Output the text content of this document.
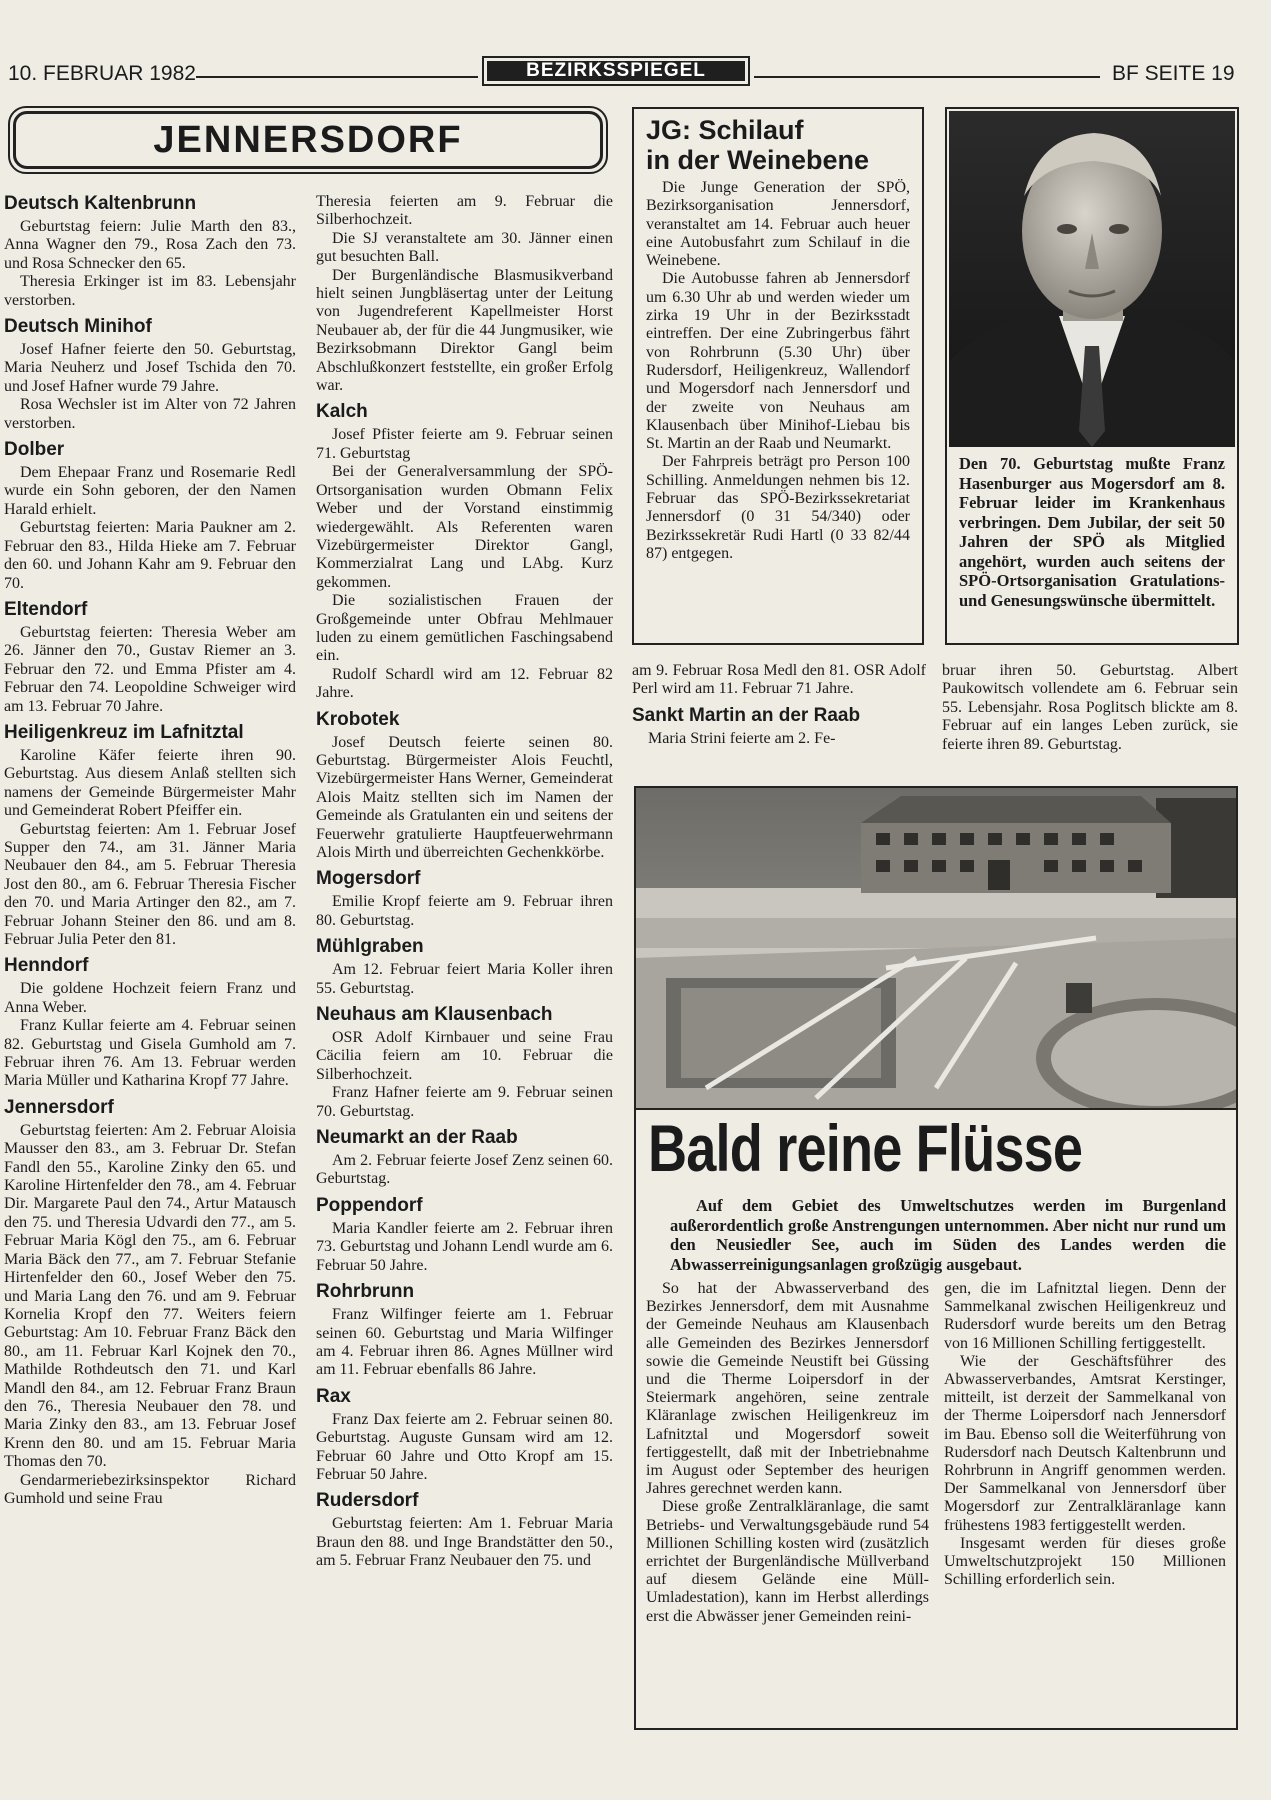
10. FEBRUAR 1982	BEZIRKSSPIEGEL	BF SEITE 19
JENNERSDORF
Deutsch Kaltenbrunn

Geburtstag feiern: Julie Marth den 83., Anna Wagner den 79., Rosa Zach den 73. und Rosa Schnecker den 65.

Theresia Erkinger ist im 83. Lebensjahr verstorben.

Deutsch Minihof

Josef Hafner feierte den 50. Geburtstag, Maria Neuherz und Josef Tschida den 70. und Josef Hafner wurde 79 Jahre.

Rosa Wechsler ist im Alter von 72 Jahren verstorben.

Dolber

Dem Ehepaar Franz und Rosemarie Redl wurde ein Sohn geboren, der den Namen Harald erhielt.

Geburtstag feierten: Maria Paukner am 2. Februar den 83., Hilda Hieke am 7. Februar den 60. und Johann Kahr am 9. Februar den 70.

Eltendorf

Geburtstag feierten: Theresia Weber am 26. Jänner den 70., Gustav Riemer an 3. Februar den 72. und Emma Pfister am 4. Februar den 74. Leopoldine Schweiger wird am 13. Februar 70 Jahre.

Heiligenkreuz im Lafnitztal

Karoline Käfer feierte ihren 90. Geburtstag. Aus diesem Anlaß stellten sich namens der Gemeinde Bürgermeister Mahr und Gemeinderat Robert Pfeiffer ein.

Geburtstag feierten: Am 1. Februar Josef Supper den 74., am 31. Jänner Maria Neubauer den 84., am 5. Februar Theresia Jost den 80., am 6. Februar Theresia Fischer den 70. und Maria Artinger den 82., am 7. Februar Johann Steiner den 86. und am 8. Februar Julia Peter den 81.

Henndorf

Die goldene Hochzeit feiern Franz und Anna Weber.

Franz Kullar feierte am 4. Februar seinen 82. Geburtstag und Gisela Gumhold am 7. Februar ihren 76. Am 13. Februar werden Maria Müller und Katharina Kropf 77 Jahre.

Jennersdorf

Geburtstag feierten: Am 2. Februar Aloisia Mausser den 83., am 3. Februar Dr. Stefan Fandl den 55., Karoline Zinky den 65. und Karoline Hirtenfelder den 78., am 4. Februar Dir. Margarete Paul den 74., Artur Matausch den 75. und Theresia Udvardi den 77., am 5. Februar Maria Kögl den 75., am 6. Februar Maria Bäck den 77., am 7. Februar Stefanie Hirtenfelder den 60., Josef Weber den 75. und Maria Lang den 76. und am 9. Februar Kornelia Kropf den 77. Weiters feiern Geburtstag: Am 10. Februar Franz Bäck den 80., am 11. Februar Karl Kojnek den 70., Mathilde Rothdeutsch den 71. und Karl Mandl den 84., am 12. Februar Franz Braun den 76., Theresia Neubauer den 78. und Maria Zinky den 83., am 13. Februar Josef Krenn den 80. und am 15. Februar Maria Thomas den 70.

Gendarmeriebezirksinspektor Richard Gumhold und seine Frau

Theresia feierten am 9. Februar die Silberhochzeit.

Die SJ veranstaltete am 30. Jänner einen gut besuchten Ball.

Der Burgenländische Blasmusikverband hielt seinen Jungbläsertag unter der Leitung von Jugendreferent Kapellmeister Horst Neubauer ab, der für die 44 Jungmusiker, wie Bezirksobmann Direktor Gangl beim Abschlußkonzert feststellte, ein großer Erfolg war.

Kalch

Josef Pfister feierte am 9. Februar seinen 71. Geburtstag

Bei der Generalversammlung der SPÖ-Ortsorganisation wurden Obmann Felix Weber und der Vorstand einstimmig wiedergewählt. Als Referenten waren Vizebürgermeister Direktor Gangl, Kommerzialrat Lang und LAbg. Kurz gekommen.

Die sozialistischen Frauen der Großgemeinde unter Obfrau Mehlmauer luden zu einem gemütlichen Faschingsabend ein.

Rudolf Schardl wird am 12. Februar 82 Jahre.

Krobotek

Josef Deutsch feierte seinen 80. Geburtstag. Bürgermeister Alois Feuchtl, Vizebürgermeister Hans Werner, Gemeinderat Alois Maitz stellten sich im Namen der Gemeinde als Gratulanten ein und seitens der Feuerwehr gratulierte Hauptfeuerwehrmann Alois Mirth und überreichten Gechenkkörbe.

Mogersdorf

Emilie Kropf feierte am 9. Februar ihren 80. Geburtstag.

Mühlgraben

Am 12. Februar feiert Maria Koller ihren 55. Geburtstag.

Neuhaus am Klausenbach

OSR Adolf Kirnbauer und seine Frau Cäcilia feiern am 10. Februar die Silberhochzeit.

Franz Hafner feierte am 9. Februar seinen 70. Geburtstag.

Neumarkt an der Raab

Am 2. Februar feierte Josef Zenz seinen 60. Geburtstag.

Poppendorf

Maria Kandler feierte am 2. Februar ihren 73. Geburtstag und Johann Lendl wurde am 6. Februar 50 Jahre.

Rohrbrunn

Franz Wilfinger feierte am 1. Februar seinen 60. Geburtstag und Maria Wilfinger am 4. Februar ihren 86. Agnes Müllner wird am 11. Februar ebenfalls 86 Jahre.

Rax

Franz Dax feierte am 2. Februar seinen 80. Geburtstag. Auguste Gunsam wird am 12. Februar 60 Jahre und Otto Kropf am 15. Februar 50 Jahre.

Rudersdorf

Geburtstag feierten: Am 1. Februar Maria Braun den 88. und Inge Brandstätter den 50., am 5. Februar Franz Neubauer den 75. und

JG: Schilauf
in der Weinebene

Die Junge Generation der SPÖ, Bezirksorganisation Jennersdorf, veranstaltet am 14. Februar auch heuer eine Autobusfahrt zum Schilauf in die Weinebene.

Die Autobusse fahren ab Jennersdorf um 6.30 Uhr ab und werden wieder um zirka 19 Uhr in der Bezirksstadt eintreffen. Der eine Zubringerbus fährt von Rohrbrunn (5.30 Uhr) über Rudersdorf, Heiligenkreuz, Wallendorf und Mogersdorf nach Jennersdorf und der zweite von Neuhaus am Klausenbach über Minihof-Liebau bis St. Martin an der Raab und Neumarkt.

Der Fahrpreis beträgt pro Person 100 Schilling. Anmeldungen nehmen bis 12. Februar das SPÖ-Bezirkssekretariat Jennersdorf (0 31 54/340) oder Bezirkssekretär Rudi Hartl (0 33 82/44 87) entgegen.

Den 70. Geburtstag mußte Franz Hasenburger aus Mogersdorf am 8. Februar leider im Krankenhaus verbringen. Dem Jubilar, der seit 50 Jahren der SPÖ als Mitglied angehört, wurden auch seitens der SPÖ-Ortsorganisation Gratulations- und Genesungswünsche übermittelt.

am 9. Februar Rosa Medl den 81. OSR Adolf Perl wird am 11. Februar 71 Jahre.

Sankt Martin an der Raab

Maria Strini feierte am 2. Fe-

bruar ihren 50. Geburtstag. Albert Paukowitsch vollendete am 6. Februar sein 55. Lebensjahr. Rosa Poglitsch blickte am 8. Februar auf ein langes Leben zurück, sie feierte ihren 89. Geburtstag.

Bald reine Flüsse

Auf dem Gebiet des Umweltschutzes werden im Burgenland außerordentlich große Anstrengungen unternommen. Aber nicht nur rund um den Neusiedler See, auch im Süden des Landes werden die Abwasserreinigungsanlagen großzügig ausgebaut.

So hat der Abwasserverband des Bezirkes Jennersdorf, dem mit Ausnahme der Gemeinde Neuhaus am Klausenbach alle Gemeinden des Bezirkes Jennersdorf sowie die Gemeinde Neustift bei Güssing und die Therme Loipersdorf in der Steiermark angehören, seine zentrale Kläranlage zwischen Heiligenkreuz im Lafnitztal und Mogersdorf soweit fertiggestellt, daß mit der Inbetriebnahme im August oder September des heurigen Jahres gerechnet werden kann.

Diese große Zentralkläranlage, die samt Betriebs- und Verwaltungsgebäude rund 54 Millionen Schilling kosten wird (zusätzlich errichtet der Burgenländische Müllverband auf diesem Gelände eine Müll-Umladestation), kann im Herbst allerdings erst die Abwässer jener Gemeinden reini-

gen, die im Lafnitztal liegen. Denn der Sammelkanal zwischen Heiligenkreuz und Rudersdorf wurde bereits um den Betrag von 16 Millionen Schilling fertiggestellt.

Wie der Geschäftsführer des Abwasserverbandes, Amtsrat Kerstinger, mitteilt, ist derzeit der Sammelkanal von der Therme Loipersdorf nach Jennersdorf im Bau. Ebenso soll die Weiterführung von Rudersdorf nach Deutsch Kaltenbrunn und Rohrbrunn in Angriff genommen werden. Der Sammelkanal von Jennersdorf über Mogersdorf zur Zentralkläranlage kann frühestens 1983 fertiggestellt werden.

Insgesamt werden für dieses große Umweltschutzprojekt 150 Millionen Schilling erforderlich sein.
